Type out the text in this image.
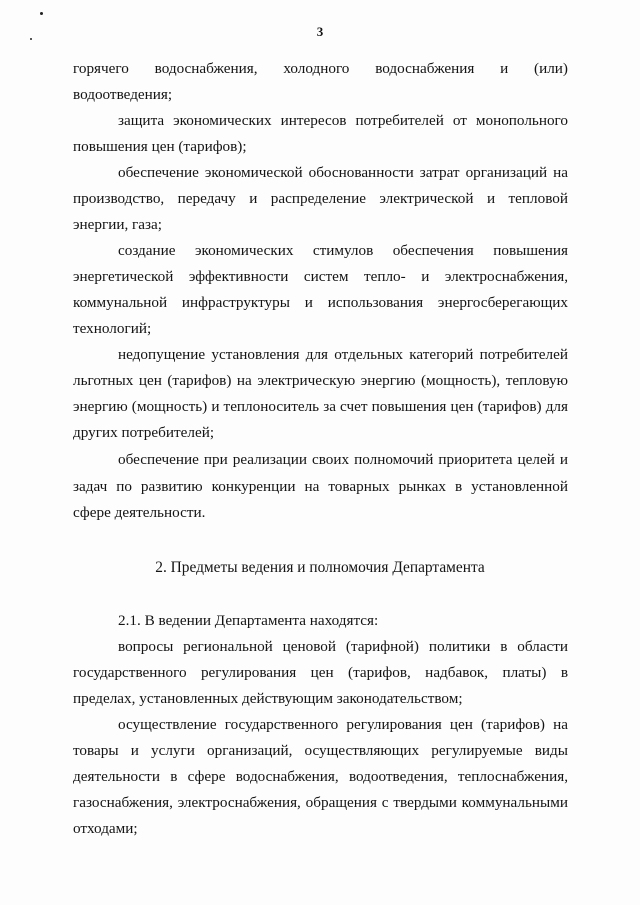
3
горячего водоснабжения, холодного водоснабжения и (или)
водоотведения;
защита экономических интересов потребителей от монопольного
повышения цен (тарифов);
обеспечение экономической обоснованности затрат организаций на
производство, передачу и распределение электрической и тепловой
энергии, газа;
создание экономических стимулов обеспечения повышения
энергетической эффективности систем тепло- и электроснабжения,
коммунальной инфраструктуры и использования энергосберегающих
технологий;
недопущение установления для отдельных категорий потребителей
льготных цен (тарифов) на электрическую энергию (мощность), тепловую
энергию (мощность) и теплоноситель за счет повышения цен (тарифов) для
других потребителей;
обеспечение при реализации своих полномочий приоритета целей и
задач по развитию конкуренции на товарных рынках в установленной
сфере деятельности.
2. Предметы ведения и полномочия Департамента
2.1. В ведении Департамента находятся:
вопросы региональной ценовой (тарифной) политики в области
государственного регулирования цен (тарифов, надбавок, платы) в
пределах, установленных действующим законодательством;
осуществление государственного регулирования цен (тарифов) на
товары и услуги организаций, осуществляющих регулируемые виды
деятельности в сфере водоснабжения, водоотведения, теплоснабжения,
газоснабжения, электроснабжения, обращения с твердыми коммунальными
отходами;
